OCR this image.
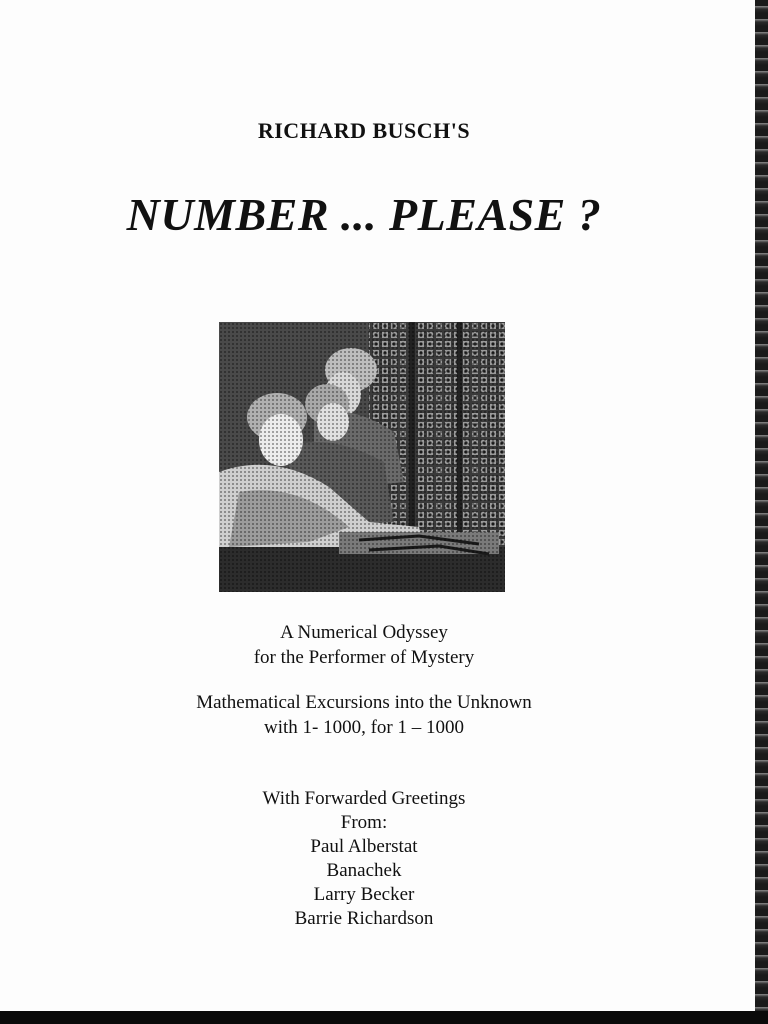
RICHARD BUSCH'S
NUMBER ... PLEASE ?
A Numerical Odyssey
for the Performer of Mystery
Mathematical Excursions into the Unknown
with 1- 1000, for 1 – 1000
With Forwarded Greetings
From:
Paul Alberstat
Banachek
Larry Becker
Barrie Richardson
